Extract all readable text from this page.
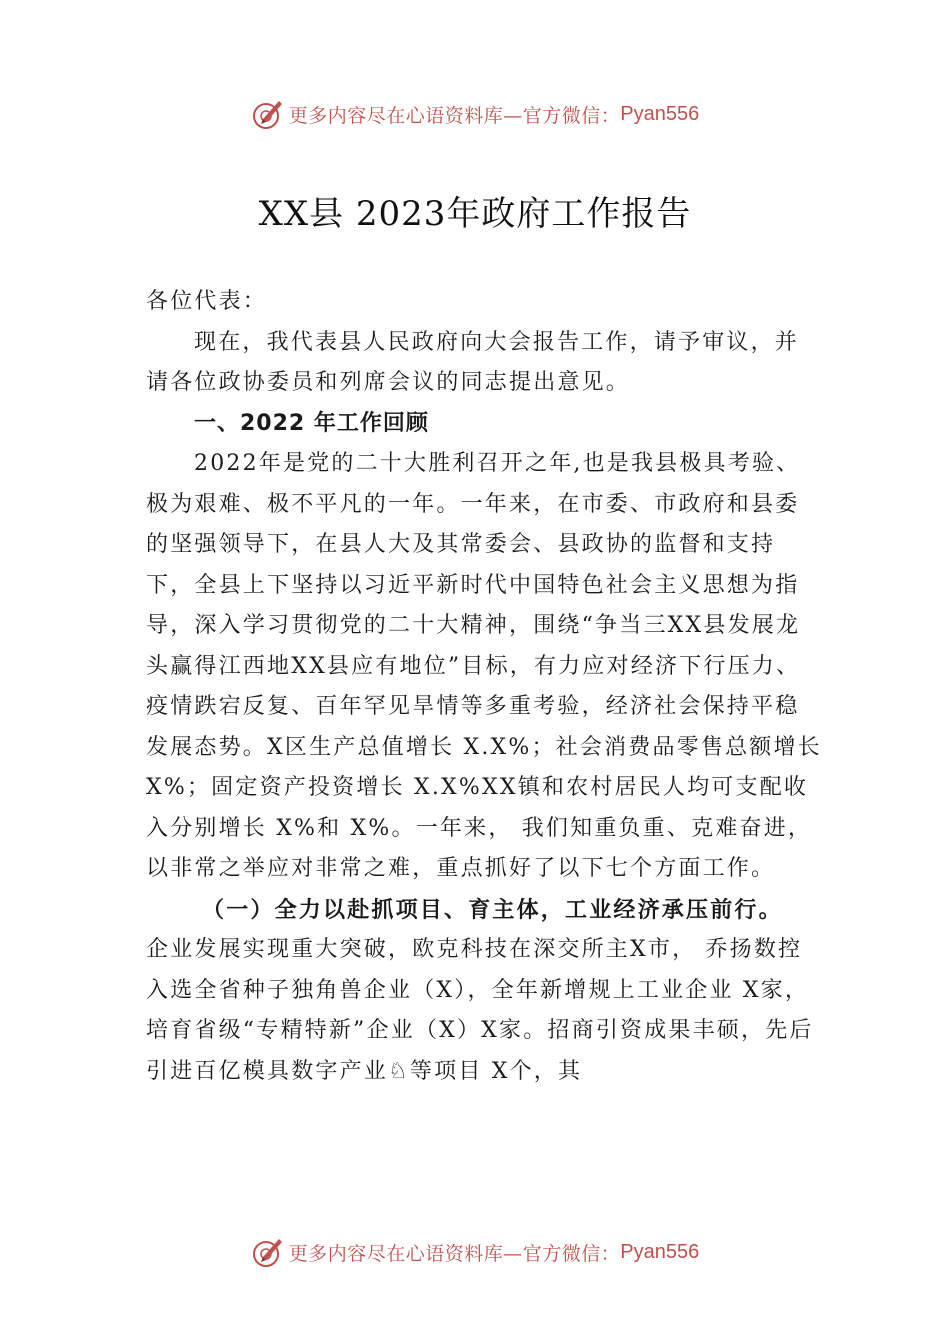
更多内容尽在心语资料库—官方微信： Pyan556
XX县 2023年政府工作报告

各位代表：

现在，我代表县人民政府向大会报告工作，请予审议，并请各位政协委员和列席会议的同志提出意见。

一、2022 年工作回顾

2022年是党的二十大胜利召开之年,也是我县极具考验、极为艰难、极不平凡的一年。一年来，在市委、市政府和县委的坚强领导下，在县人大及其常委会、县政协的监督和支持下，全县上下坚持以习近平新时代中国特色社会主义思想为指导，深入学习贯彻党的二十大精神，围绕“争当三XX县发展龙头赢得江西地XX县应有地位”目标，有力应对经济下行压力、疫情跌宕反复、百年罕见旱情等多重考验，经济社会保持平稳发展态势。X区生产总值增长 X.X%；社会消费品零售总额增长 X%；固定资产投资增长 X.X%XX镇和农村居民人均可支配收入分别增长 X%和 X%。一年来， 我们知重负重、克难奋进，以非常之举应对非常之难，重点抓好了以下七个方面工作。

（一）全力以赴抓项目、育主体，工业经济承压前行。

企业发展实现重大突破，欧克科技在深交所主X市， 乔扬数控入选全省种子独角兽企业（X），全年新增规上工业企业 X家，培育省级“专精特新”企业（X）X家。招商引资成果丰硕，先后引进百亿模具数字产业♘等项目 X个，其

更多内容尽在心语资料库—官方微信： Pyan556
